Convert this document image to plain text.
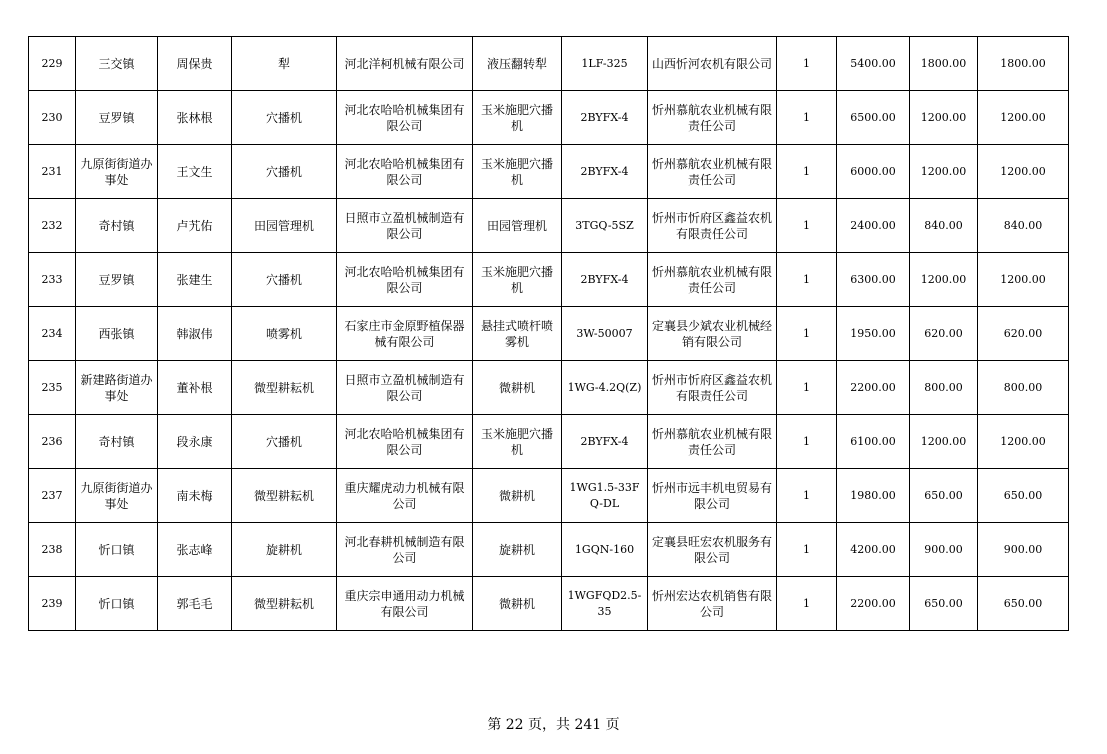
229	三交镇	周保贵	犁	河北洋柯机械有限公司	液压翻转犁	1LF-325	山西忻河农机有限公司	1	5400.00	1800.00	1800.00
230	豆罗镇	张林根	穴播机	河北农哈哈机械集团有限公司	玉米施肥穴播机	2BYFX-4	忻州慕航农业机械有限责任公司	1	6500.00	1200.00	1200.00
231	九原街街道办事处	王文生	穴播机	河北农哈哈机械集团有限公司	玉米施肥穴播机	2BYFX-4	忻州慕航农业机械有限责任公司	1	6000.00	1200.00	1200.00
232	奇村镇	卢艽佑	田园管理机	日照市立盈机械制造有限公司	田园管理机	3TGQ-5SZ	忻州市忻府区鑫益农机有限责任公司	1	2400.00	840.00	840.00
233	豆罗镇	张建生	穴播机	河北农哈哈机械集团有限公司	玉米施肥穴播机	2BYFX-4	忻州慕航农业机械有限责任公司	1	6300.00	1200.00	1200.00
234	西张镇	韩淑伟	喷雾机	石家庄市金原野植保器械有限公司	悬挂式喷杆喷雾机	3W-50007	定襄县少斌农业机械经销有限公司	1	1950.00	620.00	620.00
235	新建路街道办事处	董补根	微型耕耘机	日照市立盈机械制造有限公司	微耕机	1WG-4.2Q(Z)	忻州市忻府区鑫益农机有限责任公司	1	2200.00	800.00	800.00
236	奇村镇	段永康	穴播机	河北农哈哈机械集团有限公司	玉米施肥穴播机	2BYFX-4	忻州慕航农业机械有限责任公司	1	6100.00	1200.00	1200.00
237	九原街街道办事处	南未梅	微型耕耘机	重庆耀虎动力机械有限公司	微耕机	1WG1.5-33FQ-DL	忻州市远丰机电贸易有限公司	1	1980.00	650.00	650.00
238	忻口镇	张志峰	旋耕机	河北春耕机械制造有限公司	旋耕机	1GQN-160	定襄县旺宏农机服务有限公司	1	4200.00	900.00	900.00
239	忻口镇	郭毛毛	微型耕耘机	重庆宗申通用动力机械有限公司	微耕机	1WGFQD2.5-35	忻州宏达农机销售有限公司	1	2200.00	650.00	650.00
第 22 页，共 241 页
